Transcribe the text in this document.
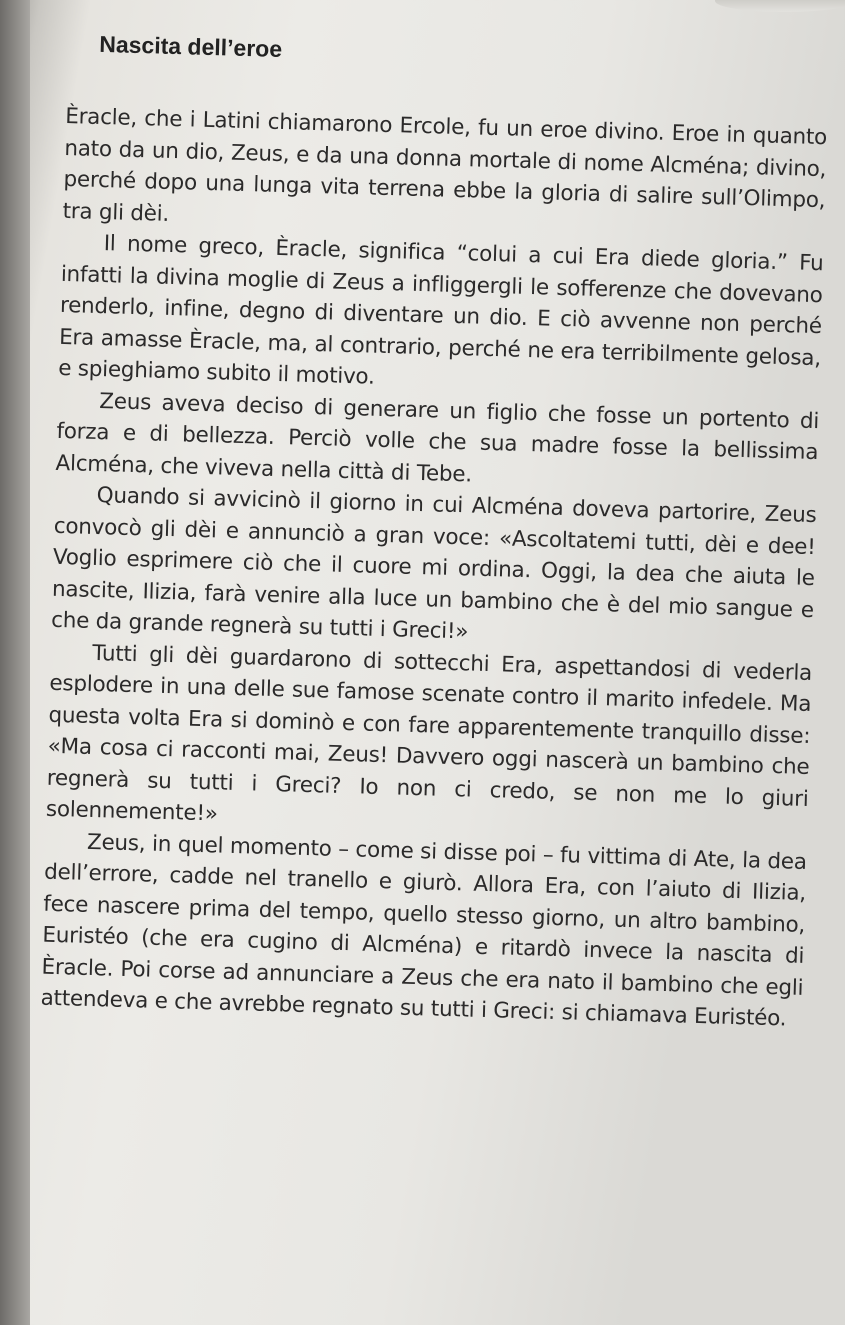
Nascita dell’eroe

Èracle, che i Latini chiamarono Ercole, fu un eroe divino. Eroe in quanto nato da un dio, Zeus, e da una donna mortale di nome Alcména; divino, perché dopo una lunga vita terrena ebbe la gloria di salire sull’Olimpo, tra gli dèi.

Il nome greco, Èracle, significa “colui a cui Era diede gloria.” Fu infatti la divina moglie di Zeus a infliggergli le sofferenze che dovevano renderlo, infine, degno di diventare un dio. E ciò avvenne non perché Era amasse Èracle, ma, al contrario, perché ne era terribilmente gelosa, e spieghiamo subito il motivo.

Zeus aveva deciso di generare un figlio che fosse un portento di forza e di bellezza. Perciò volle che sua madre fosse la bellissima Alcména, che viveva nella città di Tebe.

Quando si avvicinò il giorno in cui Alcména doveva partorire, Zeus convocò gli dèi e annunciò a gran voce: «Ascoltatemi tutti, dèi e dee! Voglio esprimere ciò che il cuore mi ordina. Oggi, la dea che aiuta le nascite, Ilizia, farà venire alla luce un bambino che è del mio sangue e che da grande regnerà su tutti i Greci!»

Tutti gli dèi guardarono di sottecchi Era, aspettandosi di vederla esplodere in una delle sue famose scenate contro il marito infedele. Ma questa volta Era si dominò e con fare apparentemente tranquillo disse: «Ma cosa ci racconti mai, Zeus! Davvero oggi nascerà un bambino che regnerà su tutti i Greci? Io non ci credo, se non me lo giuri solennemente!»

Zeus, in quel momento – come si disse poi – fu vittima di Ate, la dea dell’errore, cadde nel tranello e giurò. Allora Era, con l’aiuto di Ilizia, fece nascere prima del tempo, quello stesso giorno, un altro bambino, Euristéo (che era cugino di Alcména) e ritardò invece la nascita di Èracle. Poi corse ad annunciare a Zeus che era nato il bambino che egli attendeva e che avrebbe regnato su tutti i Greci: si chiamava Euristéo.
